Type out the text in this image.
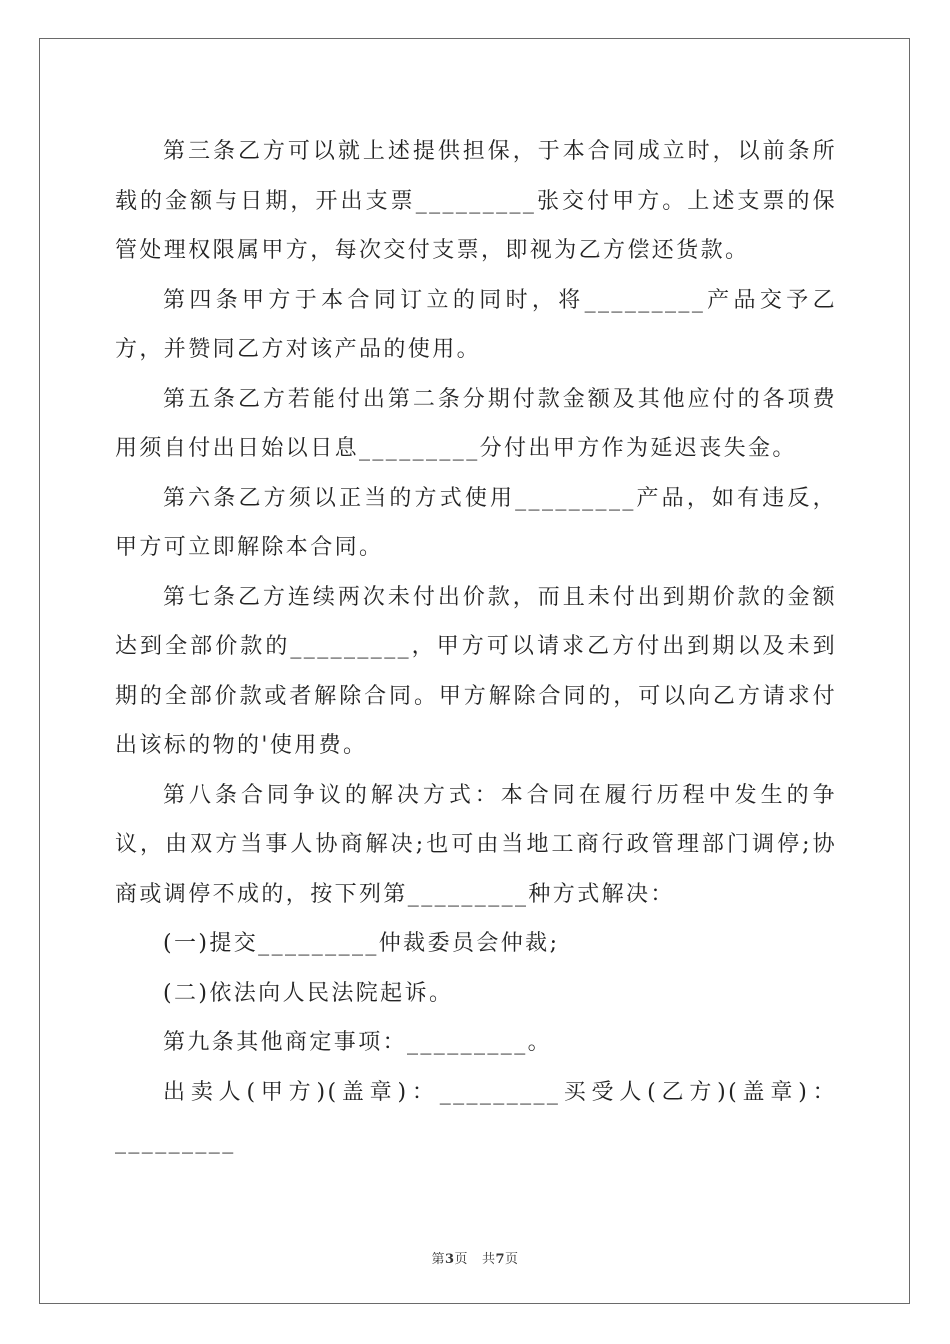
第三条乙方可以就上述提供担保，于本合同成立时，以前条所载的金额与日期，开出支票_________张交付甲方。上述支票的保管处理权限属甲方，每次交付支票，即视为乙方偿还货款。

第四条甲方于本合同订立的同时，将_________产品交予乙方，并赞同乙方对该产品的使用。

第五条乙方若能付出第二条分期付款金额及其他应付的各项费用须自付出日始以日息_________分付出甲方作为延迟丧失金。

第六条乙方须以正当的方式使用_________产品，如有违反，甲方可立即解除本合同。

第七条乙方连续两次未付出价款，而且未付出到期价款的金额达到全部价款的_________，甲方可以请求乙方付出到期以及未到期的全部价款或者解除合同。甲方解除合同的，可以向乙方请求付出该标的物的'使用费。

第八条合同争议的解决方式：本合同在履行历程中发生的争议，由双方当事人协商解决;也可由当地工商行政管理部门调停;协商或调停不成的，按下列第_________种方式解决：

(一)提交_________仲裁委员会仲裁;

(二)依法向人民法院起诉。

第九条其他商定事项：_________。

出卖人(甲方)(盖章)：_________买受人(乙方)(盖章)：_________

第3页 共7页
